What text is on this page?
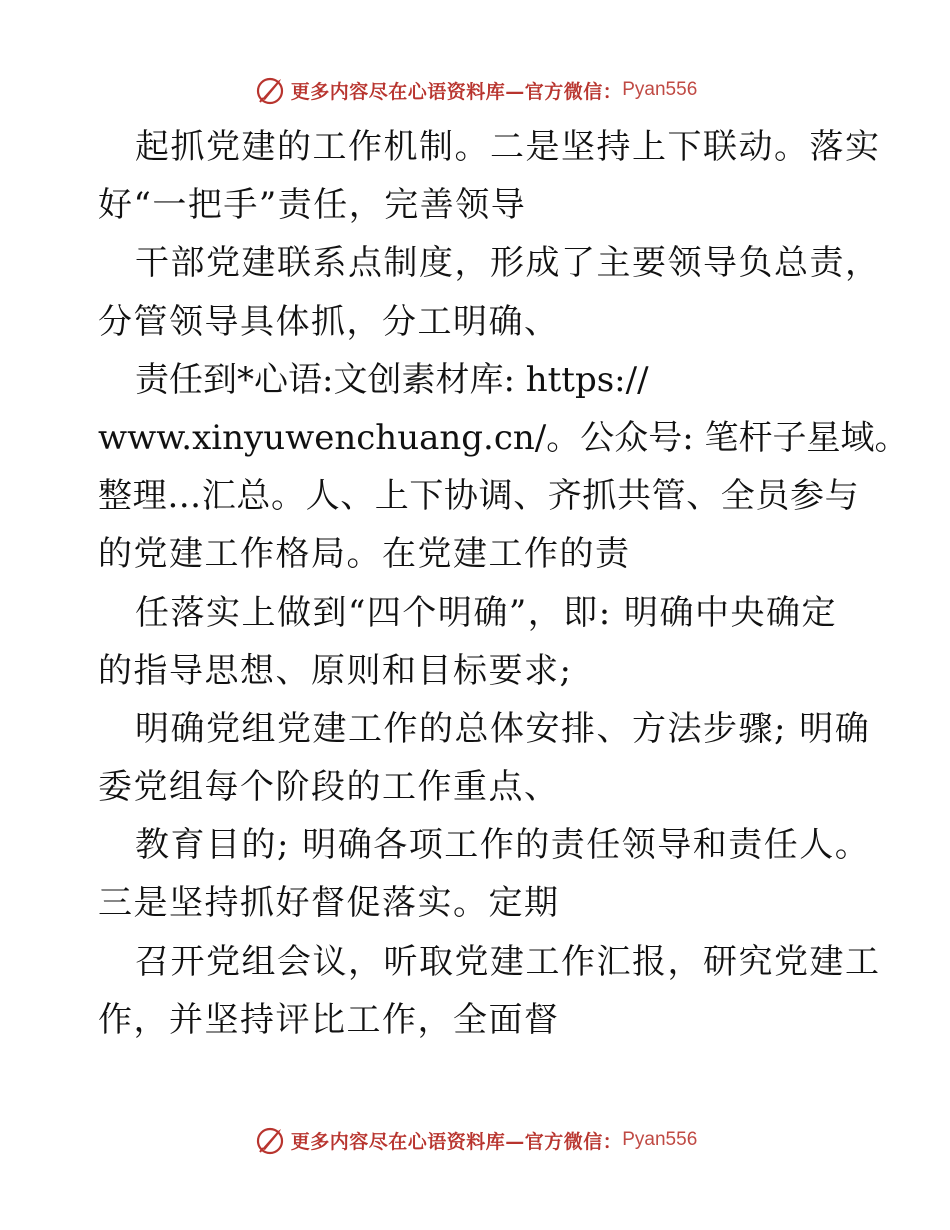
更多内容尽在心语资料库—官方微信： Pyan556
起抓党建的工作机制。二是坚持上下联动。落实
好“一把手”责任，完善领导
干部党建联系点制度，形成了主要领导负总责，
分管领导具体抓，分工明确、
责任到*心语:文创素材库: https://
www.xinyuwenchuang.cn/。公众号: 笔杆子星域。
整理…汇总。人、上下协调、齐抓共管、全员参与
的党建工作格局。在党建工作的责
任落实上做到“四个明确”，即: 明确中央确定
的指导思想、原则和目标要求;
明确党组党建工作的总体安排、方法步骤; 明确
委党组每个阶段的工作重点、
教育目的; 明确各项工作的责任领导和责任人。
三是坚持抓好督促落实。定期
召开党组会议，听取党建工作汇报，研究党建工
作，并坚持评比工作，全面督
更多内容尽在心语资料库—官方微信： Pyan556
